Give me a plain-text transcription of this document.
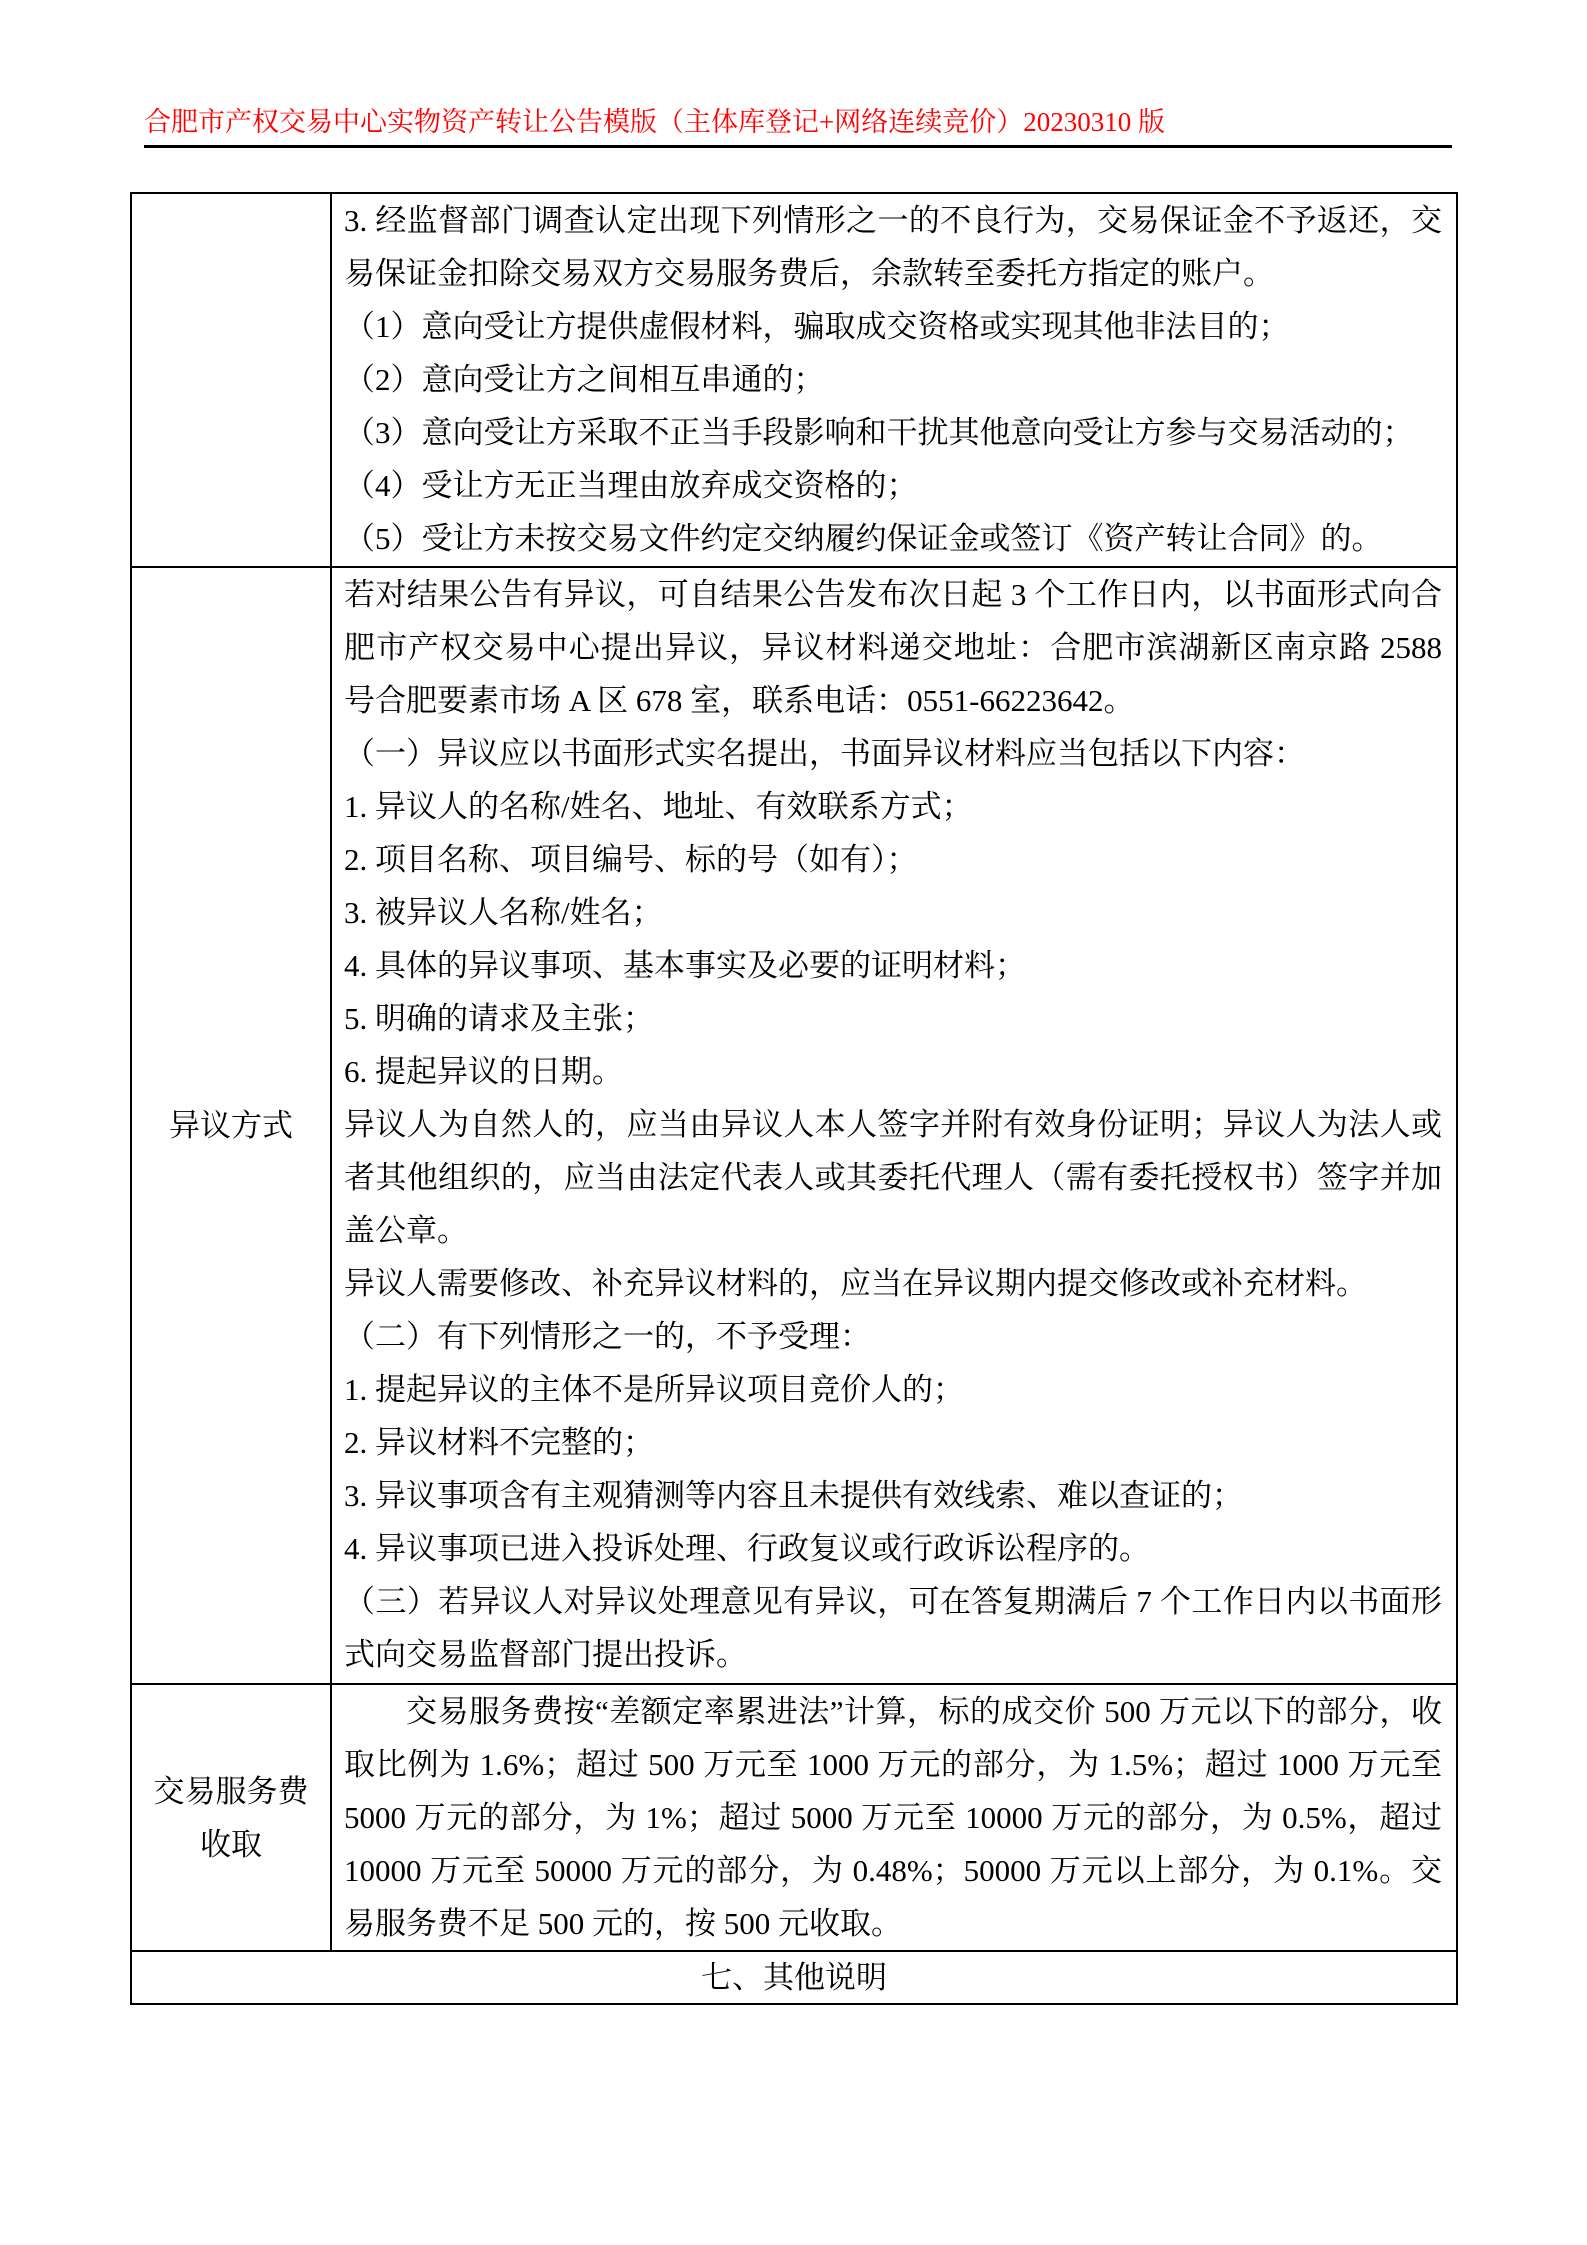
合肥市产权交易中心实物资产转让公告模版（主体库登记+网络连续竞价）20230310 版

3. 经监督部门调查认定出现下列情形之一的不良行为，交易保证金不予返还，交易保证金扣除交易双方交易服务费后，余款转至委托方指定的账户。

（1）意向受让方提供虚假材料，骗取成交资格或实现其他非法目的；

（2）意向受让方之间相互串通的；

（3）意向受让方采取不正当手段影响和干扰其他意向受让方参与交易活动的；

（4）受让方无正当理由放弃成交资格的；

（5）受让方未按交易文件约定交纳履约保证金或签订《资产转让合同》的。

异议方式

若对结果公告有异议，可自结果公告发布次日起 3 个工作日内，以书面形式向合肥市产权交易中心提出异议，异议材料递交地址：合肥市滨湖新区南京路 2588 号合肥要素市场 A 区 678 室，联系电话：0551-66223642。

（一）异议应以书面形式实名提出，书面异议材料应当包括以下内容：

1. 异议人的名称/姓名、地址、有效联系方式；

2. 项目名称、项目编号、标的号（如有）；

3. 被异议人名称/姓名；

4. 具体的异议事项、基本事实及必要的证明材料；

5. 明确的请求及主张；

6. 提起异议的日期。

异议人为自然人的，应当由异议人本人签字并附有效身份证明；异议人为法人或者其他组织的，应当由法定代表人或其委托代理人（需有委托授权书）签字并加盖公章。

异议人需要修改、补充异议材料的，应当在异议期内提交修改或补充材料。

（二）有下列情形之一的，不予受理：

1. 提起异议的主体不是所异议项目竞价人的；

2. 异议材料不完整的；

3. 异议事项含有主观猜测等内容且未提供有效线索、难以查证的；

4. 异议事项已进入投诉处理、行政复议或行政诉讼程序的。

（三）若异议人对异议处理意见有异议，可在答复期满后 7 个工作日内以书面形式向交易监督部门提出投诉。

交易服务费
收取

交易服务费按“差额定率累进法”计算，标的成交价 500 万元以下的部分，收取比例为 1.6%；超过 500 万元至 1000 万元的部分，为 1.5%；超过 1000 万元至 5000 万元的部分，为 1%；超过 5000 万元至 10000 万元的部分，为 0.5%，超过 10000 万元至 50000 万元的部分，为 0.48%；50000 万元以上部分，为 0.1%。交易服务费不足 500 元的，按 500 元收取。

七、其他说明
